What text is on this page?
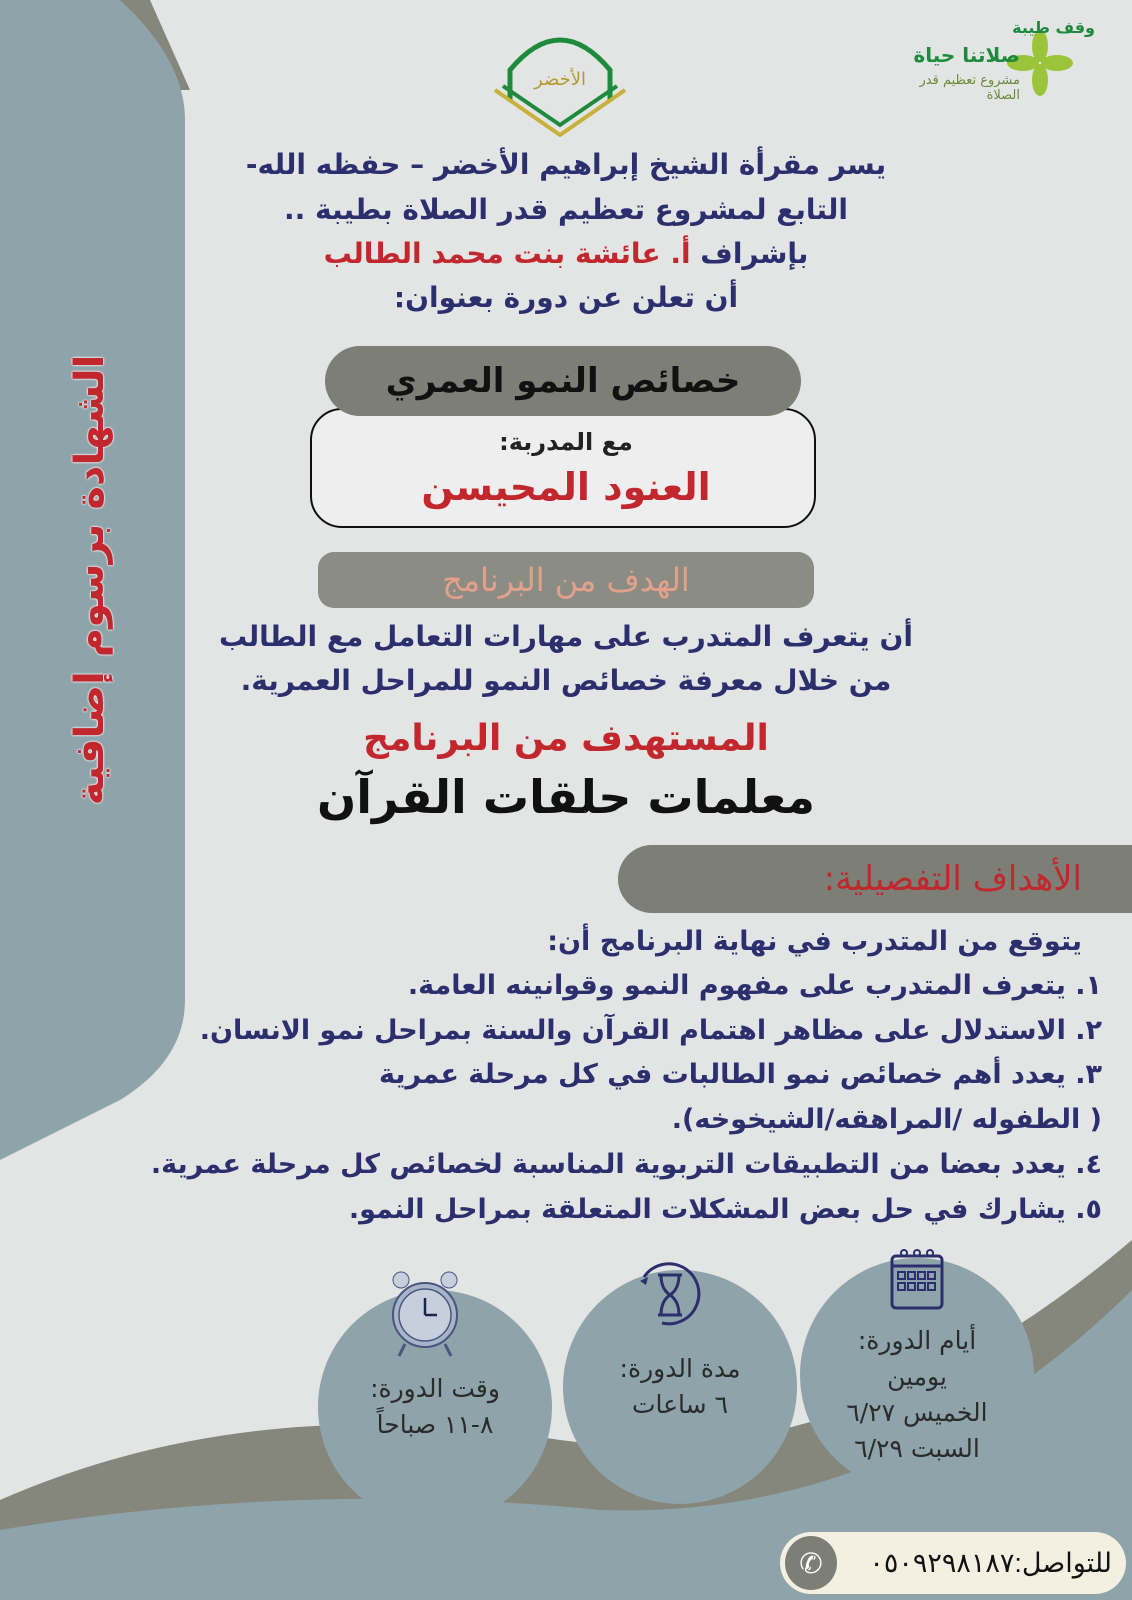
الشهادة برسوم إضافية
الأخضر
وقف طيبة
صلاتنا حياة
مشروع تعظيم قدر الصلاة
يسر مقرأة الشيخ إبراهيم الأخضر – حفظه الله-
التابع لمشروع تعظيم قدر الصلاة بطيبة ..
بإشراف أ. عائشة بنت محمد الطالب
أن تعلن عن دورة بعنوان:
خصائص النمو العمري
مع المدربة:
العنود المحيسن
الهدف من البرنامج
أن يتعرف المتدرب على مهارات التعامل مع الطالب
من خلال معرفة خصائص النمو للمراحل العمرية.
المستهدف من البرنامج
معلمات حلقات القرآن
الأهداف التفصيلية:
يتوقع من المتدرب في نهاية البرنامج أن:
١. يتعرف المتدرب على مفهوم النمو وقوانينه العامة.
٢. الاستدلال على مظاهر اهتمام القرآن والسنة بمراحل نمو الانسان.
٣. يعدد أهم خصائص نمو الطالبات في كل مرحلة عمرية
( الطفوله /المراهقه/الشيخوخه).
٤. يعدد بعضا من التطبيقات التربوية المناسبة لخصائص كل مرحلة عمرية.
٥. يشارك في حل بعض المشكلات المتعلقة بمراحل النمو.
أيام الدورة:
يومين
الخميس ٦/٢٧
السبت ٦/٢٩
مدة الدورة:
٦ ساعات
وقت الدورة:
٨-١١ صباحاً
للتواصل:٠٥٠٩٢٩٨١٨٧
✆
